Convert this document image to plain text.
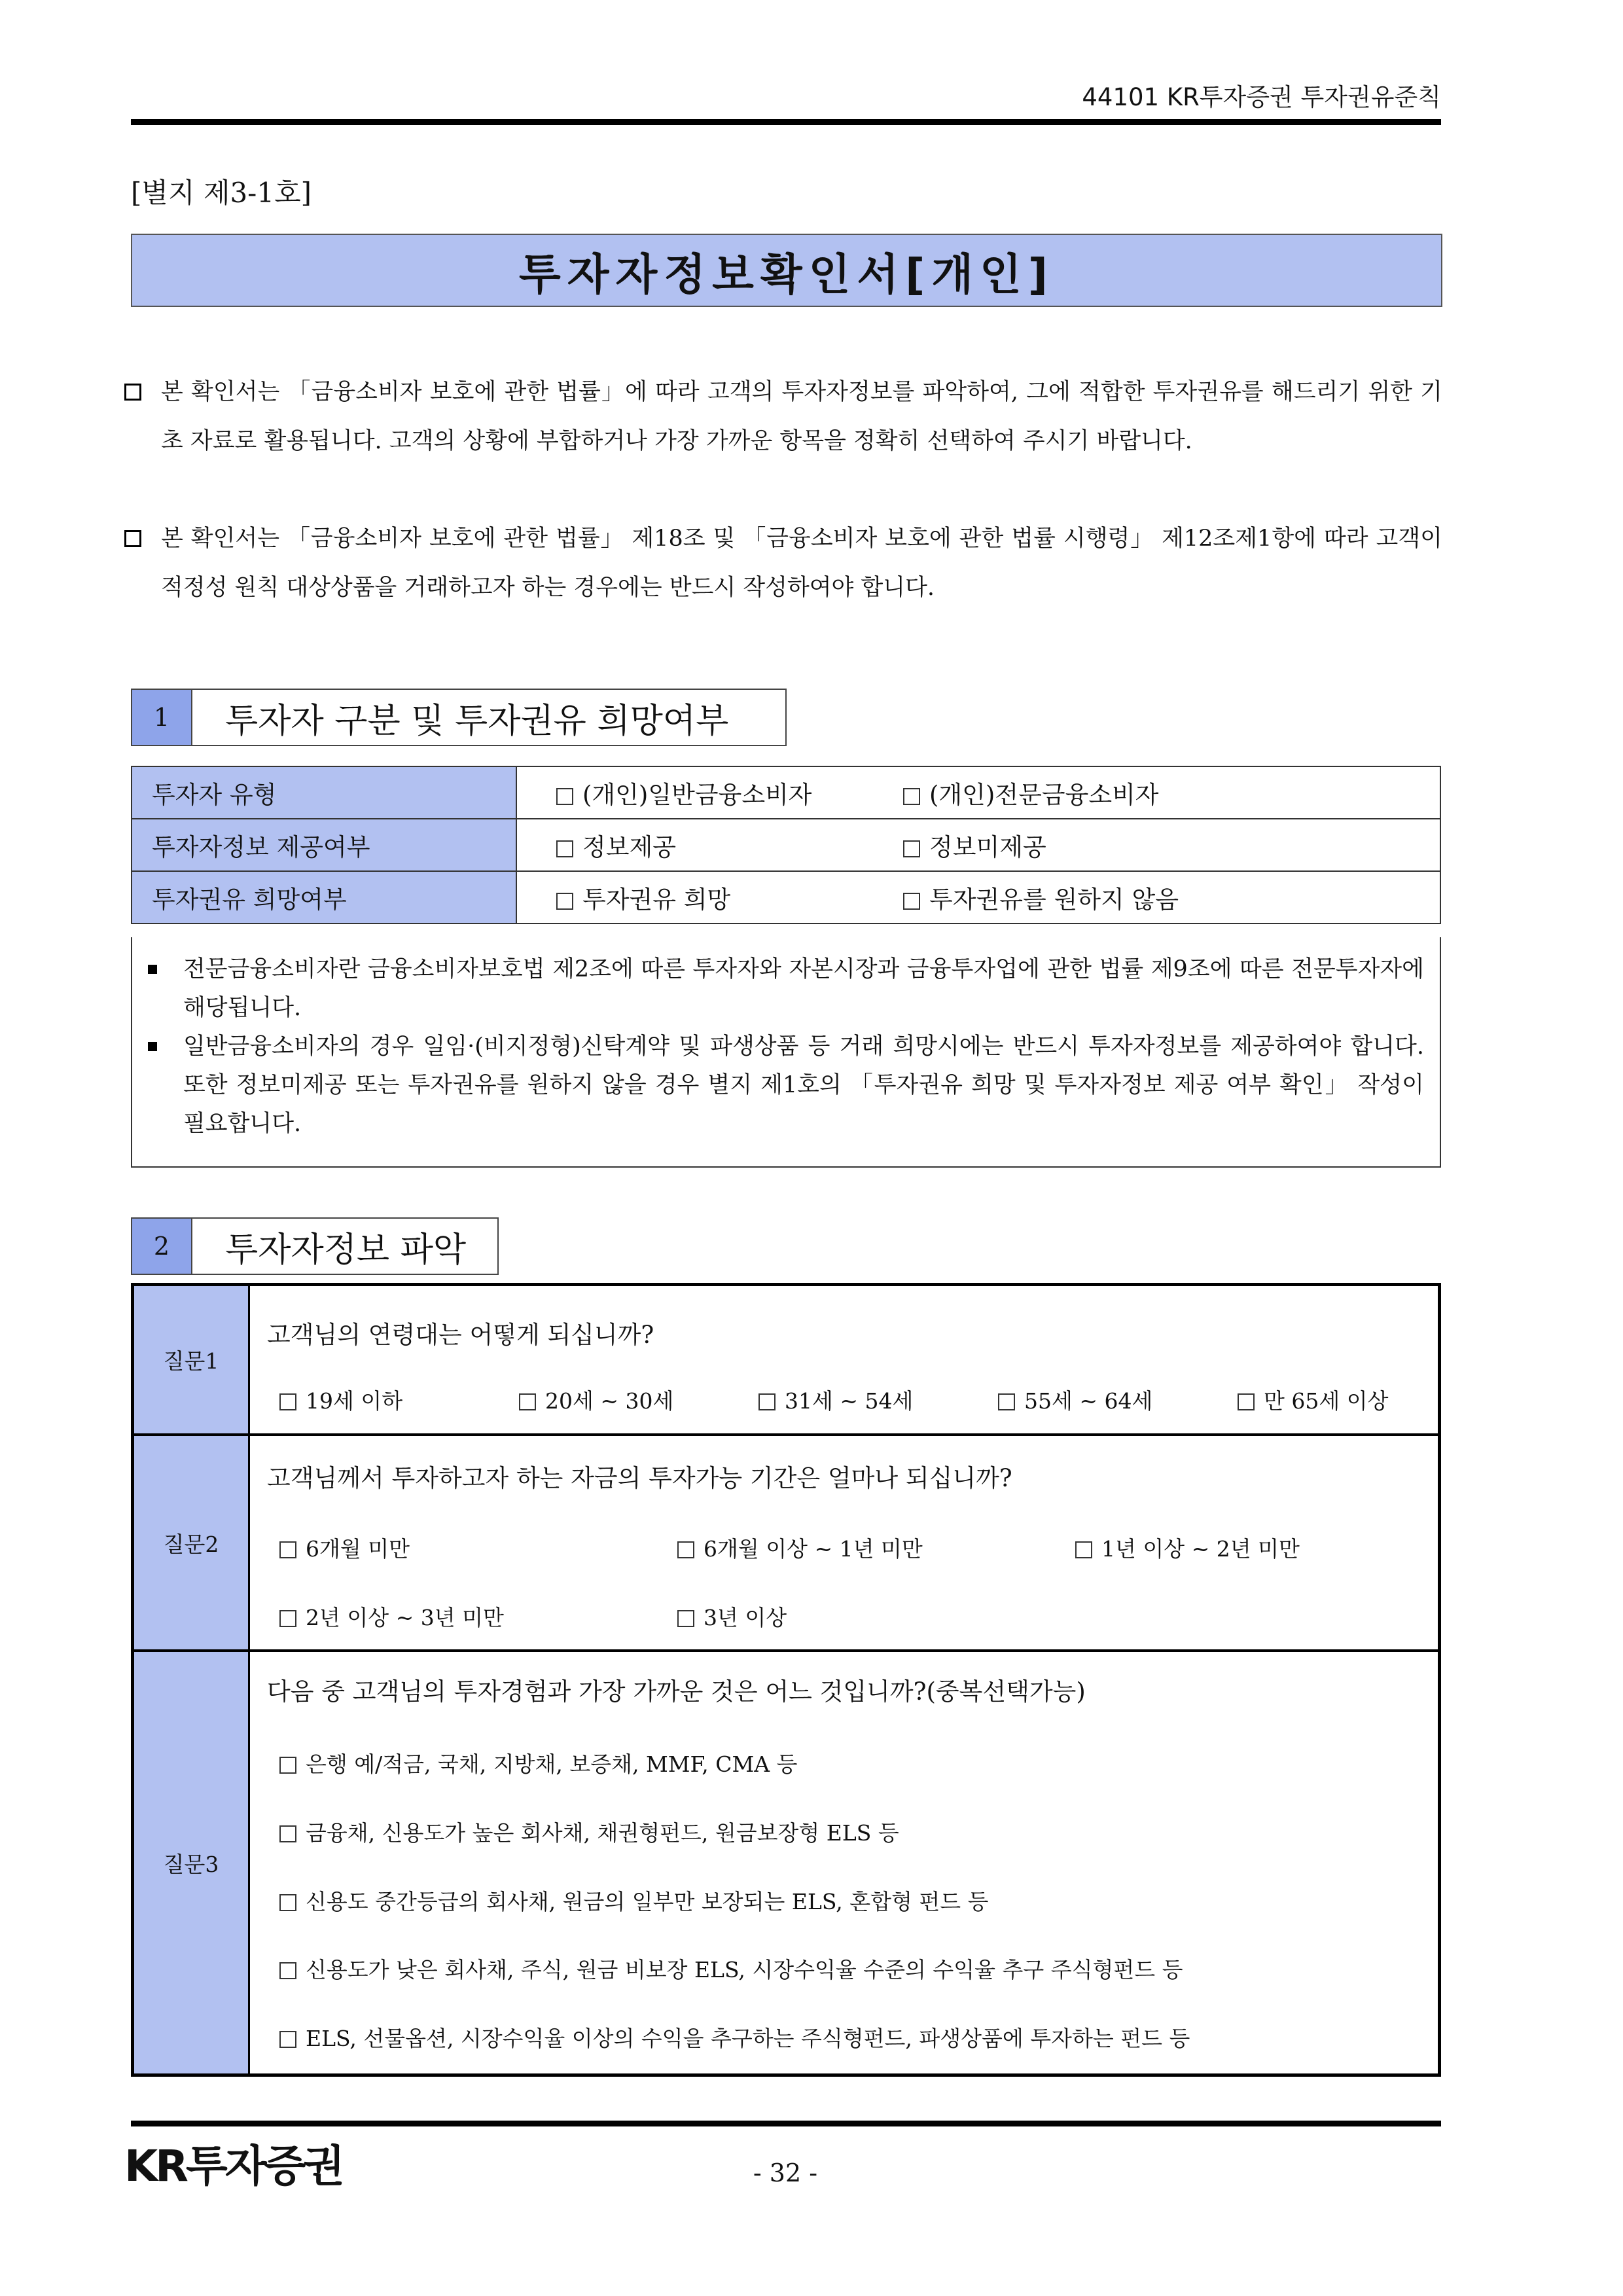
44101 KR투자증권 투자권유준칙
[별지 제3-1호]
투자자정보확인서[개인]
본 확인서는 「금융소비자 보호에 관한 법률」에 따라 고객의 투자자정보를 파악하여, 그에 적합한 투자권유를 해드리기 위한 기초 자료로 활용됩니다. 고객의 상황에 부합하거나 가장 가까운 항목을 정확히 선택하여 주시기 바랍니다.
본 확인서는 「금융소비자 보호에 관한 법률」 제18조 및 「금융소비자 보호에 관한 법률 시행령」 제12조제1항에 따라 고객이 적정성 원칙 대상상품을 거래하고자 하는 경우에는 반드시 작성하여야 합니다.
1	투자자 구분 및 투자권유 희망여부
투자자 유형	(개인)일반금융소비자 (개인)전문금융소비자
투자자정보 제공여부	정보제공 정보미제공
투자권유 희망여부	투자권유 희망 투자권유를 원하지 않음
전문금융소비자란 금융소비자보호법 제2조에 따른 투자자와 자본시장과 금융투자업에 관한 법률 제9조에 따른 전문투자자에 해당됩니다.
일반금융소비자의 경우 일임·(비지정형)신탁계약 및 파생상품 등 거래 희망시에는 반드시 투자자정보를 제공하여야 합니다. 또한 정보미제공 또는 투자권유를 원하지 않을 경우 별지 제1호의 「투자권유 희망 및 투자자정보 제공 여부 확인」 작성이 필요합니다.
2	투자자정보 파악
질문1
고객님의 연령대는 어떻게 되십니까?
19세 이하	20세 ~ 30세	31세 ~ 54세	55세 ~ 64세	만 65세 이상
질문2
고객님께서 투자하고자 하는 자금의 투자가능 기간은 얼마나 되십니까?
6개월 미만	6개월 이상 ~ 1년 미만	1년 이상 ~ 2년 미만
2년 이상 ~ 3년 미만	3년 이상
질문3
다음 중 고객님의 투자경험과 가장 가까운 것은 어느 것입니까?(중복선택가능)
은행 예/적금, 국채, 지방채, 보증채, MMF, CMA 등
금융채, 신용도가 높은 회사채, 채권형펀드, 원금보장형 ELS 등
신용도 중간등급의 회사채, 원금의 일부만 보장되는 ELS, 혼합형 펀드 등
신용도가 낮은 회사채, 주식, 원금 비보장 ELS, 시장수익율 수준의 수익율 추구 주식형펀드 등
ELS, 선물옵션, 시장수익율 이상의 수익을 추구하는 주식형펀드, 파생상품에 투자하는 펀드 등
KR투자증권	- 32 -
